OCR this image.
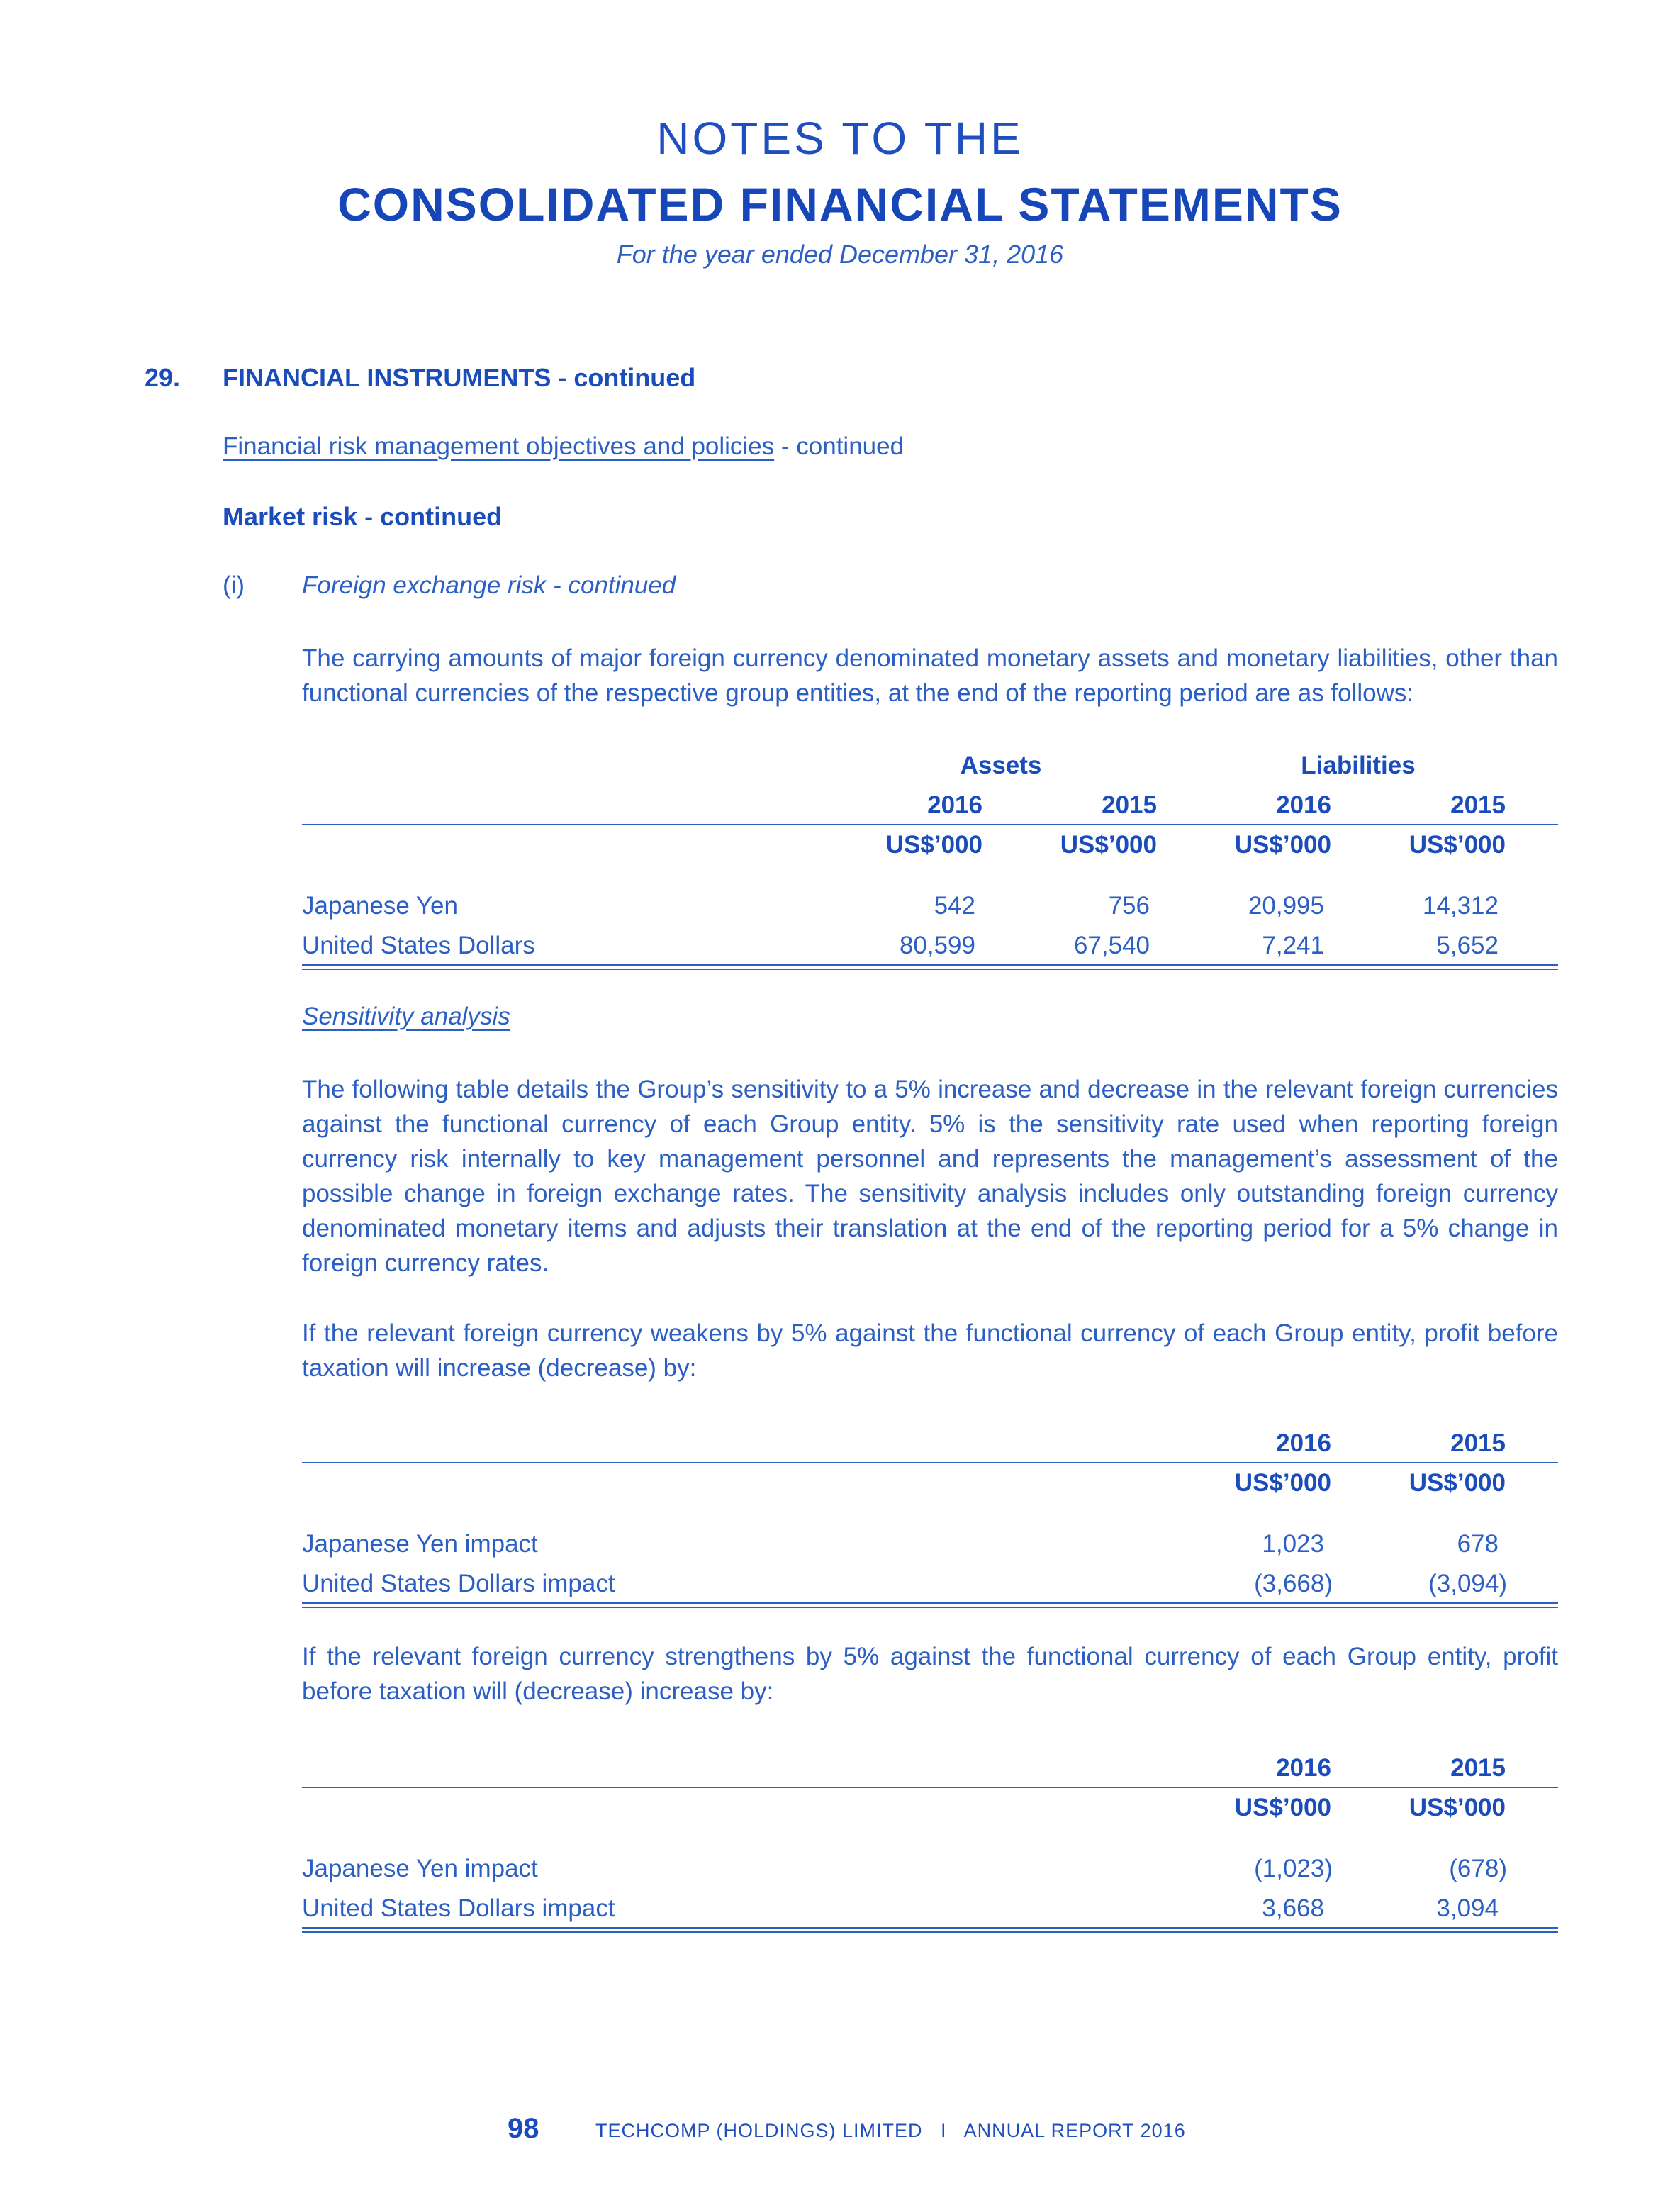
NOTES TO THE
CONSOLIDATED FINANCIAL STATEMENTS
For the year ended December 31, 2016
29. FINANCIAL INSTRUMENTS - continued
Financial risk management objectives and policies - continued
Market risk - continued
(i) Foreign exchange risk - continued
The carrying amounts of major foreign currency denominated monetary assets and monetary liabilities, other than functional currencies of the respective group entities, at the end of the reporting period are as follows:
Assets	Liabilities
2016	2015	2016	2015
US$’000	US$’000	US$’000	US$’000
Japanese Yen	542	756	20,995	14,312
United States Dollars	80,599	67,540	7,241	5,652
Sensitivity analysis
The following table details the Group’s sensitivity to a 5% increase and decrease in the relevant foreign currencies against the functional currency of each Group entity. 5% is the sensitivity rate used when reporting foreign currency risk internally to key management personnel and represents the management’s assessment of the possible change in foreign exchange rates. The sensitivity analysis includes only outstanding foreign currency denominated monetary items and adjusts their translation at the end of the reporting period for a 5% change in foreign currency rates.
If the relevant foreign currency weakens by 5% against the functional currency of each Group entity, profit before taxation will increase (decrease) by:
2016	2015
US$’000	US$’000
Japanese Yen impact	1,023	678
United States Dollars impact	(3,668)	(3,094)
If the relevant foreign currency strengthens by 5% against the functional currency of each Group entity, profit before taxation will (decrease) increase by:
2016	2015
US$’000	US$’000
Japanese Yen impact	(1,023)	(678)
United States Dollars impact	3,668	3,094
98	TECHCOMP (HOLDINGS) LIMITED I ANNUAL REPORT 2016
